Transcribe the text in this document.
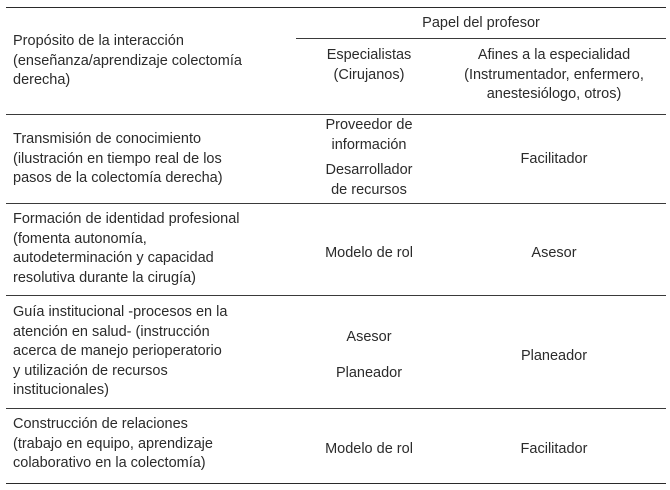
Propósito de la interacción
(enseñanza/aprendizaje colectomía
derecha)
Papel del profesor
Especialistas
(Cirujanos)
Afines a la especialidad
(Instrumentador, enfermero,
anestesiólogo, otros)
Transmisión de conocimiento
(ilustración en tiempo real de los
pasos de la colectomía derecha)
Proveedor de
información
Desarrollador
de recursos
Facilitador
Formación de identidad profesional
(fomenta autonomía,
autodeterminación y capacidad
resolutiva durante la cirugía)
Modelo de rol	Asesor
Guía institucional -procesos en la
atención en salud- (instrucción
acerca de manejo perioperatorio
y utilización de recursos
institucionales)
Asesor
Planeador
Planeador
Construcción de relaciones
(trabajo en equipo, aprendizaje
colaborativo en la colectomía)
Modelo de rol	Facilitador
